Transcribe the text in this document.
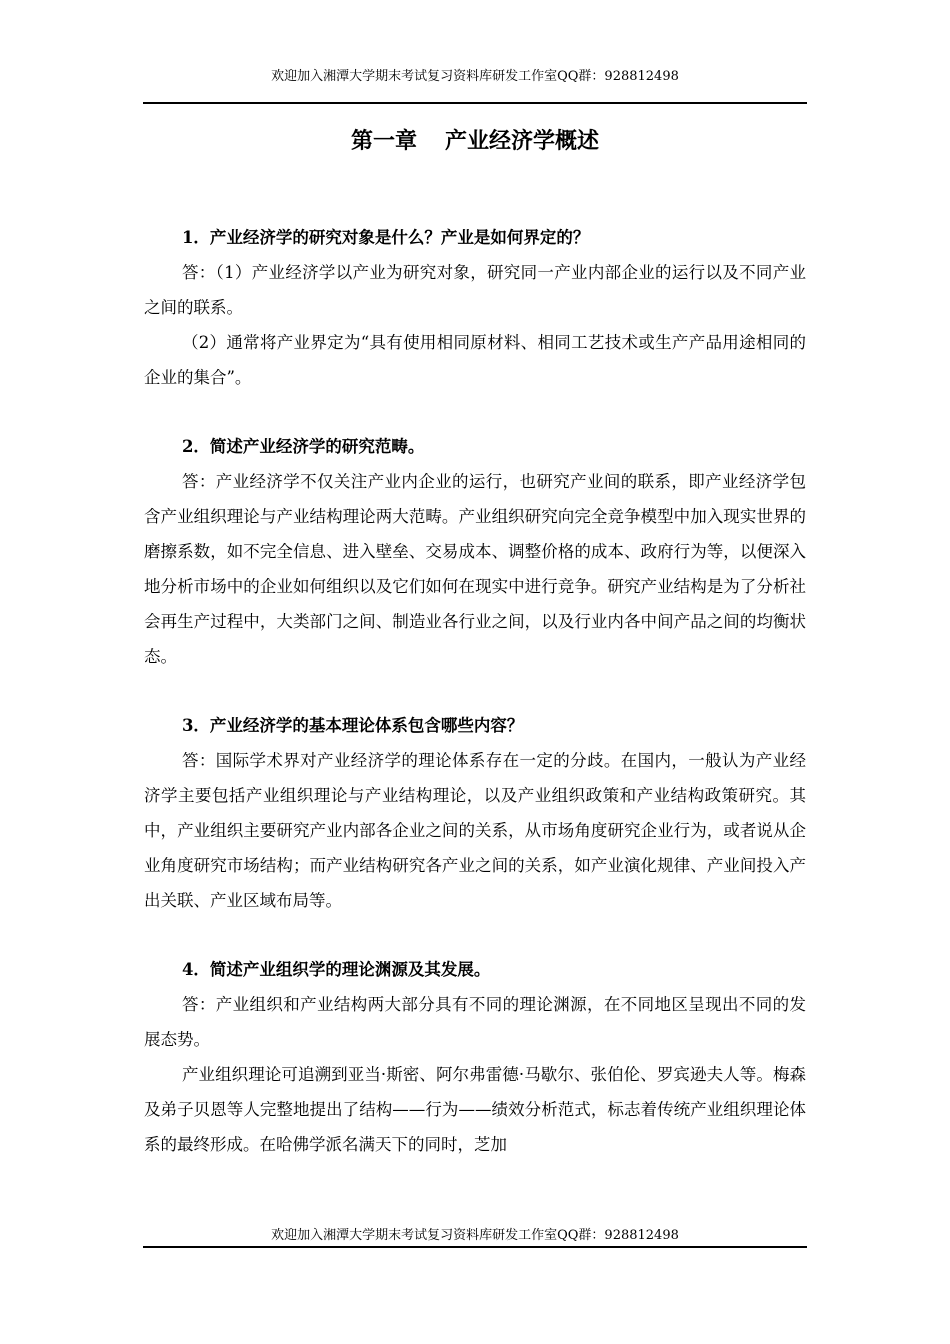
欢迎加入湘潭大学期末考试复习资料库研发工作室QQ群：928812498
第一章 产业经济学概述

1．产业经济学的研究对象是什么？产业是如何界定的？

答：（1）产业经济学以产业为研究对象，研究同一产业内部企业的运行以及不同产业之间的联系。

（2）通常将产业界定为“具有使用相同原材料、相同工艺技术或生产产品用途相同的企业的集合”。

2．简述产业经济学的研究范畴。

答：产业经济学不仅关注产业内企业的运行，也研究产业间的联系，即产业经济学包含产业组织理论与产业结构理论两大范畴。产业组织研究向完全竞争模型中加入现实世界的磨擦系数，如不完全信息、进入壁垒、交易成本、调整价格的成本、政府行为等，以便深入地分析市场中的企业如何组织以及它们如何在现实中进行竞争。研究产业结构是为了分析社会再生产过程中，大类部门之间、制造业各行业之间，以及行业内各中间产品之间的均衡状态。

3．产业经济学的基本理论体系包含哪些内容？

答：国际学术界对产业经济学的理论体系存在一定的分歧。在国内，一般认为产业经济学主要包括产业组织理论与产业结构理论，以及产业组织政策和产业结构政策研究。其中，产业组织主要研究产业内部各企业之间的关系，从市场角度研究企业行为，或者说从企业角度研究市场结构；而产业结构研究各产业之间的关系，如产业演化规律、产业间投入产出关联、产业区域布局等。

4．简述产业组织学的理论渊源及其发展。

答：产业组织和产业结构两大部分具有不同的理论渊源，在不同地区呈现出不同的发展态势。

产业组织理论可追溯到亚当·斯密、阿尔弗雷德·马歇尔、张伯伦、罗宾逊夫人等。梅森及弟子贝恩等人完整地提出了结构——行为——绩效分析范式，标志着传统产业组织理论体系的最终形成。在哈佛学派名满天下的同时，芝加

欢迎加入湘潭大学期末考试复习资料库研发工作室QQ群：928812498
